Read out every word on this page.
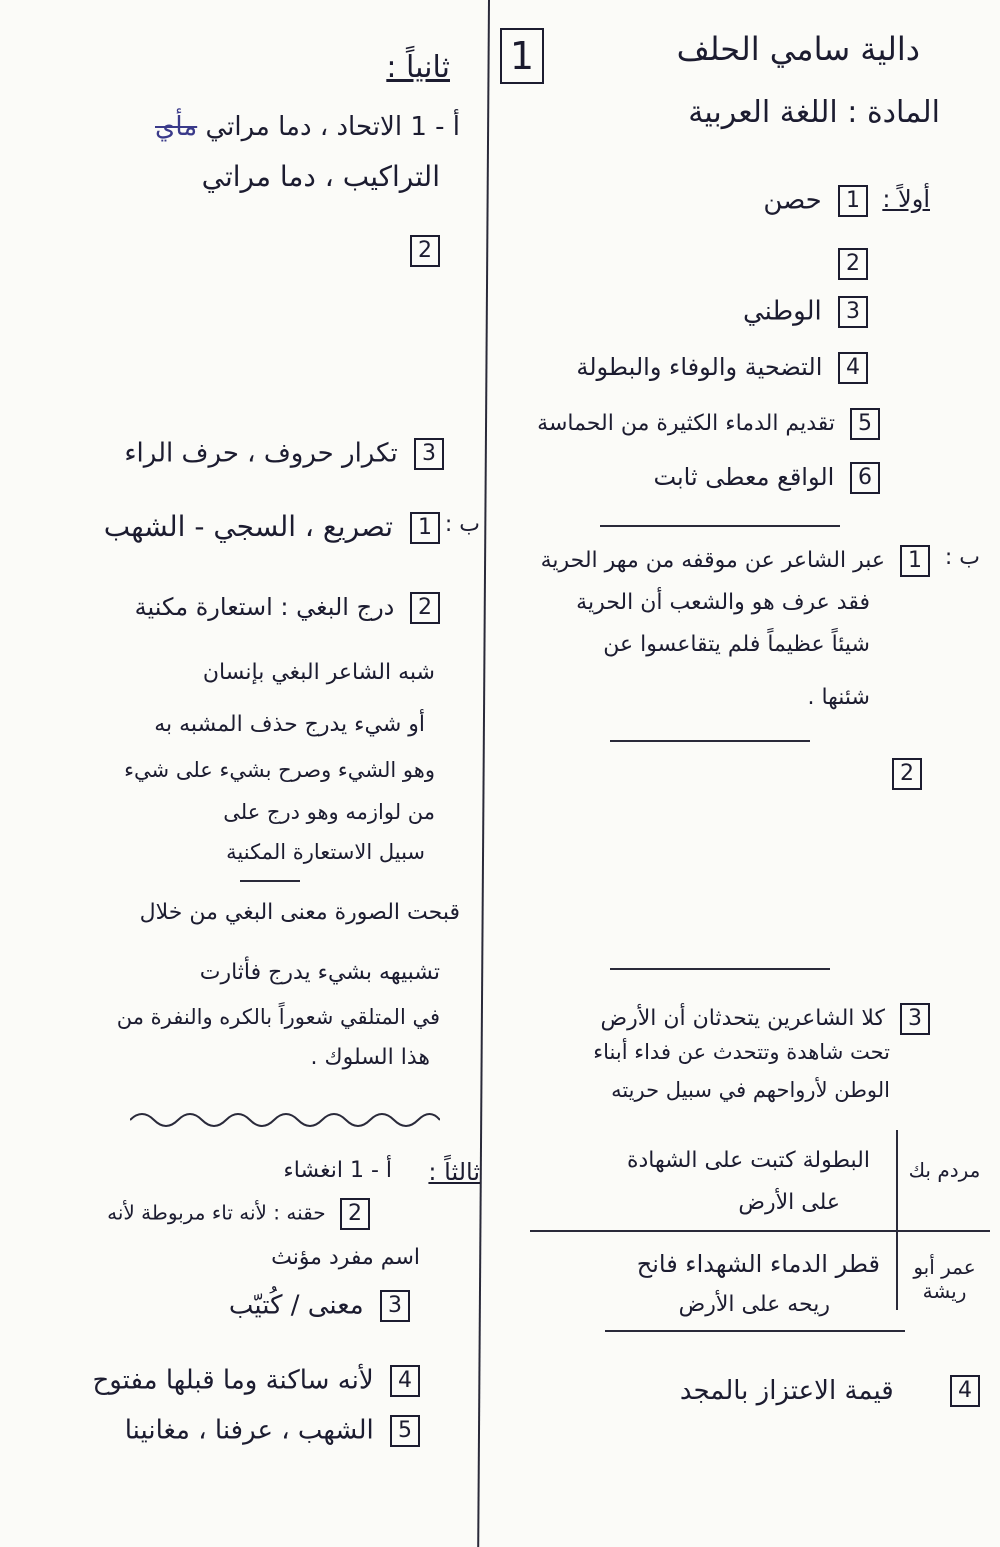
1	دالية سامي الحلف
المادة : اللغة العربية
أولاً :
1 حصن
2
3 الوطني
4 التضحية والوفاء والبطولة
5 تقديم الدماء الكثيرة من الحماسة
6 الواقع معطى ثابت
ب :
1 عبر الشاعر عن موقفه من مهر الحرية
فقد عرف هو والشعب أن الحرية
شيئاً عظيماً فلم يتقاعسوا عن
شئنها .
2
3 كلا الشاعرين يتحدثان أن الأرض
تحت شاهدة وتتحدث عن فداء أبناء
الوطن لأرواحهم في سبيل حريته
مردم بك
البطولة كتبت على الشهادة
على الأرض
عمر أبو ريشة
قطر الدماء الشهداء فانح
ريحه على الأرض
4 قيمة الاعتزاز بالمجد
ثانياً :
أ - 1 الاتحاد ، دما مراتي مأي
التراكيب ، دما مراتي
2
3 تكرار حروف ، حرف الراء
ب :
1 تصريع ، السجي - الشهب
2 درج البغي : استعارة مكنية
شبه الشاعر البغي بإنسان
أو شيء يدرج حذف المشبه به
وهو الشيء وصرح بشيء على شيء
من لوازمه وهو درج على
سبيل الاستعارة المكنية
قبحت الصورة معنى البغي من خلال
تشبيهه بشيء يدرج فأثارت
في المتلقي شعوراً بالكره والنفرة من
هذا السلوك .
ثالثاً :
أ - 1 انغشاء
2 حقنه : لأنه تاء مربوطة لأنه
اسم مفرد مؤنث
3 معنى / كُتيّب
4 لأنه ساكنة وما قبلها مفتوح
5 الشهب ، عرفنا ، مغانينا
